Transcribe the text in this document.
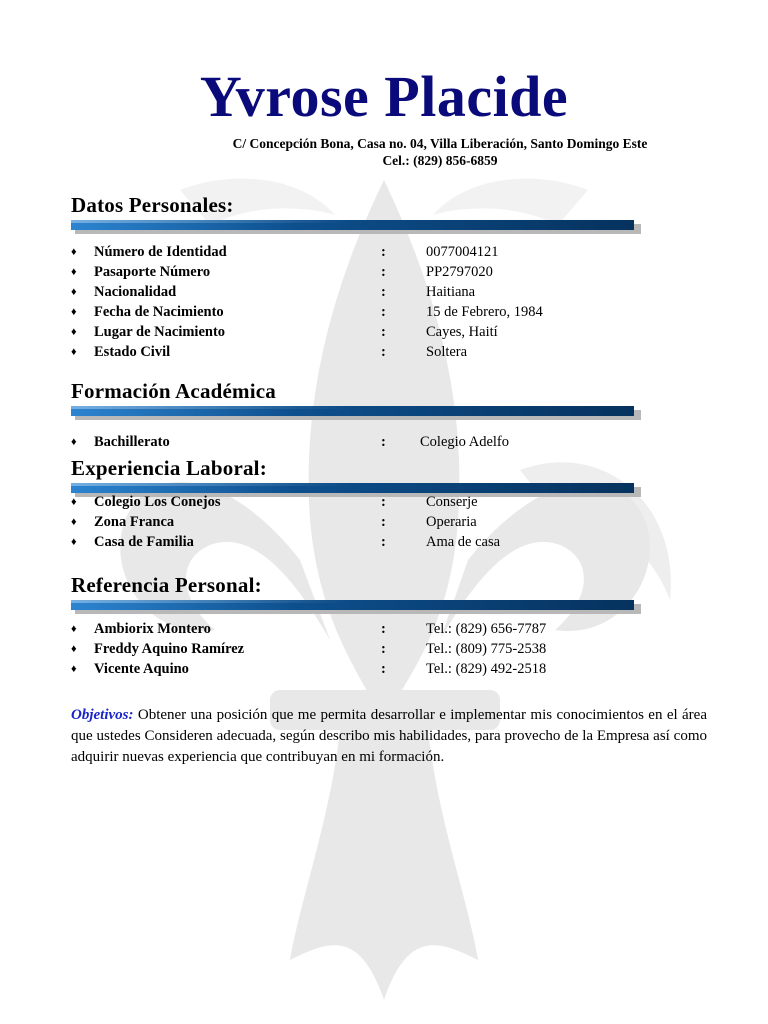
Yvrose Placide
C/ Concepción Bona, Casa no. 04, Villa Liberación, Santo Domingo Este
Cel.: (829) 856-6859
Datos Personales:
♦ Número de Identidad	:	0077004121
♦ Pasaporte Número	:	PP2797020
♦ Nacionalidad	:	Haitiana
♦ Fecha de Nacimiento	:	15 de Febrero, 1984
♦ Lugar de Nacimiento	:	Cayes, Haití
♦ Estado Civil	:	Soltera
Formación Académica
♦ Bachillerato	: Colegio Adelfo
Experiencia Laboral:
♦ Colegio Los Conejos	:	Conserje
♦ Zona Franca	:	Operaria
♦ Casa de Familia	:	Ama de casa
Referencia Personal:
♦ Ambiorix Montero	:	Tel.: (829) 656-7787
♦ Freddy Aquino Ramírez	:	Tel.: (809) 775-2538
♦ Vicente Aquino	:	Tel.: (829) 492-2518
Objetivos: Obtener una posición que me permita desarrollar e implementar mis conocimientos en el área que ustedes Consideren adecuada, según describo mis habilidades, para provecho de la Empresa así como adquirir nuevas experiencia que contribuyan en mi formación.
